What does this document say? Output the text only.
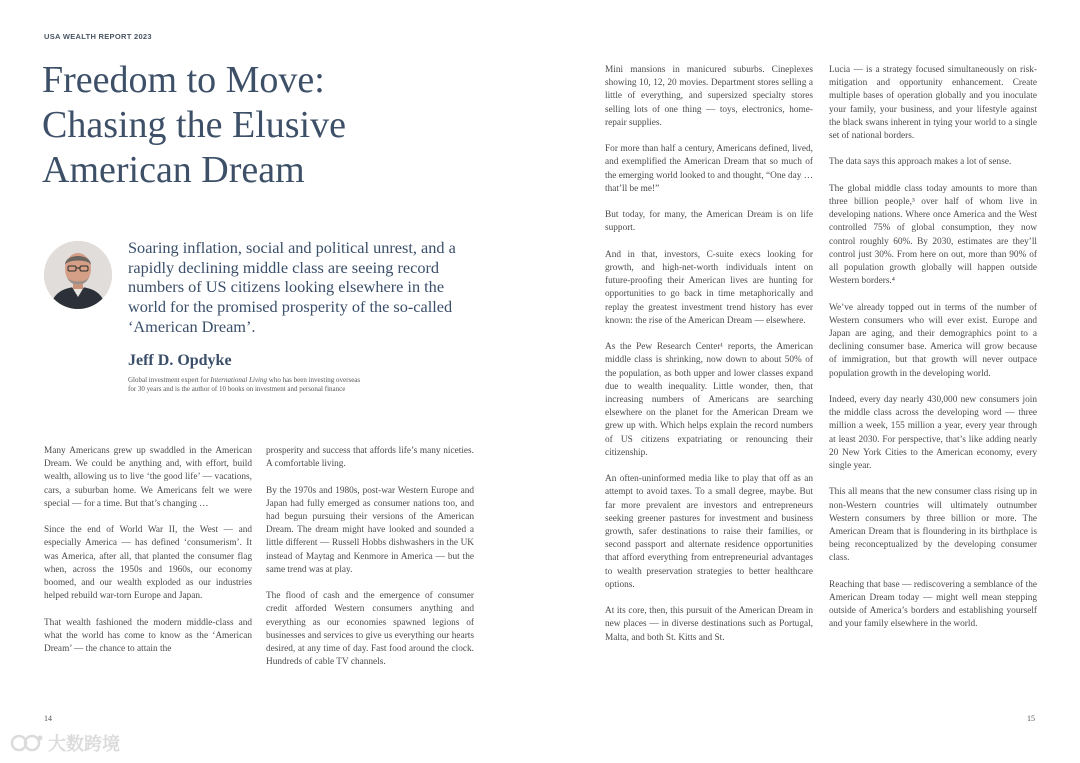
USA WEALTH REPORT 2023
Freedom to Move:
Chasing the Elusive
American Dream

Soaring inflation, social and political unrest, and a rapidly declining middle class are seeing record numbers of US citizens looking elsewhere in the world for the promised prosperity of the so-called ‘American Dream’.

Jeff D. Opdyke

Global investment expert for International Living who has been investing overseas for 30 years and is the author of 10 books on investment and personal finance

Many Americans grew up swaddled in the American Dream. We could be anything and, with effort, build wealth, allowing us to live ‘the good life’ — vacations, cars, a suburban home. We Americans felt we were special — for a time. But that’s changing …

Since the end of World War II, the West — and especially America — has defined ‘consumerism’. It was America, after all, that planted the consumer flag when, across the 1950s and 1960s, our economy boomed, and our wealth exploded as our industries helped rebuild war-torn Europe and Japan.

That wealth fashioned the modern middle-class and what the world has come to know as the ‘American Dream’ — the chance to attain the

prosperity and success that affords life’s many niceties. A comfortable living.

By the 1970s and 1980s, post-war Western Europe and Japan had fully emerged as consumer nations too, and had begun pursuing their versions of the American Dream. The dream might have looked and sounded a little different — Russell Hobbs dishwashers in the UK instead of Maytag and Kenmore in America — but the same trend was at play.

The flood of cash and the emergence of consumer credit afforded Western consumers anything and everything as our economies spawned legions of businesses and services to give us everything our hearts desired, at any time of day. Fast food around the clock. Hundreds of cable TV channels.

14

Mini mansions in manicured suburbs. Cineplexes showing 10, 12, 20 movies. Department stores selling a little of everything, and supersized specialty stores selling lots of one thing — toys, electronics, home-repair supplies.

For more than half a century, Americans defined, lived, and exemplified the American Dream that so much of the emerging world looked to and thought, “One day … that’ll be me!”

But today, for many, the American Dream is on life support.

And in that, investors, C-suite execs looking for growth, and high-net-worth individuals intent on future-proofing their American lives are hunting for opportunities to go back in time metaphorically and replay the greatest investment trend history has ever known: the rise of the American Dream — elsewhere.

As the Pew Research Center¹ reports, the American middle class is shrinking, now down to about 50% of the population, as both upper and lower classes expand due to wealth inequality. Little wonder, then, that increasing numbers of Americans are searching elsewhere on the planet for the American Dream we grew up with. Which helps explain the record numbers of US citizens expatriating or renouncing their citizenship.

An often-uninformed media like to play that off as an attempt to avoid taxes. To a small degree, maybe. But far more prevalent are investors and entrepreneurs seeking greener pastures for investment and business growth, safer destinations to raise their families, or second passport and alternate residence opportunities that afford everything from entrepreneurial advantages to wealth preservation strategies to better healthcare options.

At its core, then, this pursuit of the American Dream in new places — in diverse destinations such as Portugal, Malta, and both St. Kitts and St.

Lucia — is a strategy focused simultaneously on risk-mitigation and opportunity enhancement. Create multiple bases of operation globally and you inoculate your family, your business, and your lifestyle against the black swans inherent in tying your world to a single set of national borders.

The data says this approach makes a lot of sense.

The global middle class today amounts to more than three billion people,³ over half of whom live in developing nations. Where once America and the West controlled 75% of global consumption, they now control roughly 60%. By 2030, estimates are they’ll control just 30%. From here on out, more than 90% of all population growth globally will happen outside Western borders.⁴

We’ve already topped out in terms of the number of Western consumers who will ever exist. Europe and Japan are aging, and their demographics point to a declining consumer base. America will grow because of immigration, but that growth will never outpace population growth in the developing world.

Indeed, every day nearly 430,000 new consumers join the middle class across the developing word — three million a week, 155 million a year, every year through at least 2030. For perspective, that’s like adding nearly 20 New York Cities to the American economy, every single year.

This all means that the new consumer class rising up in non-Western countries will ultimately outnumber Western consumers by three billion or more. The American Dream that is floundering in its birthplace is being reconceptualized by the developing consumer class.

Reaching that base — rediscovering a semblance of the American Dream today — might well mean stepping outside of America’s borders and establishing yourself and your family elsewhere in the world.

15
大数跨境
